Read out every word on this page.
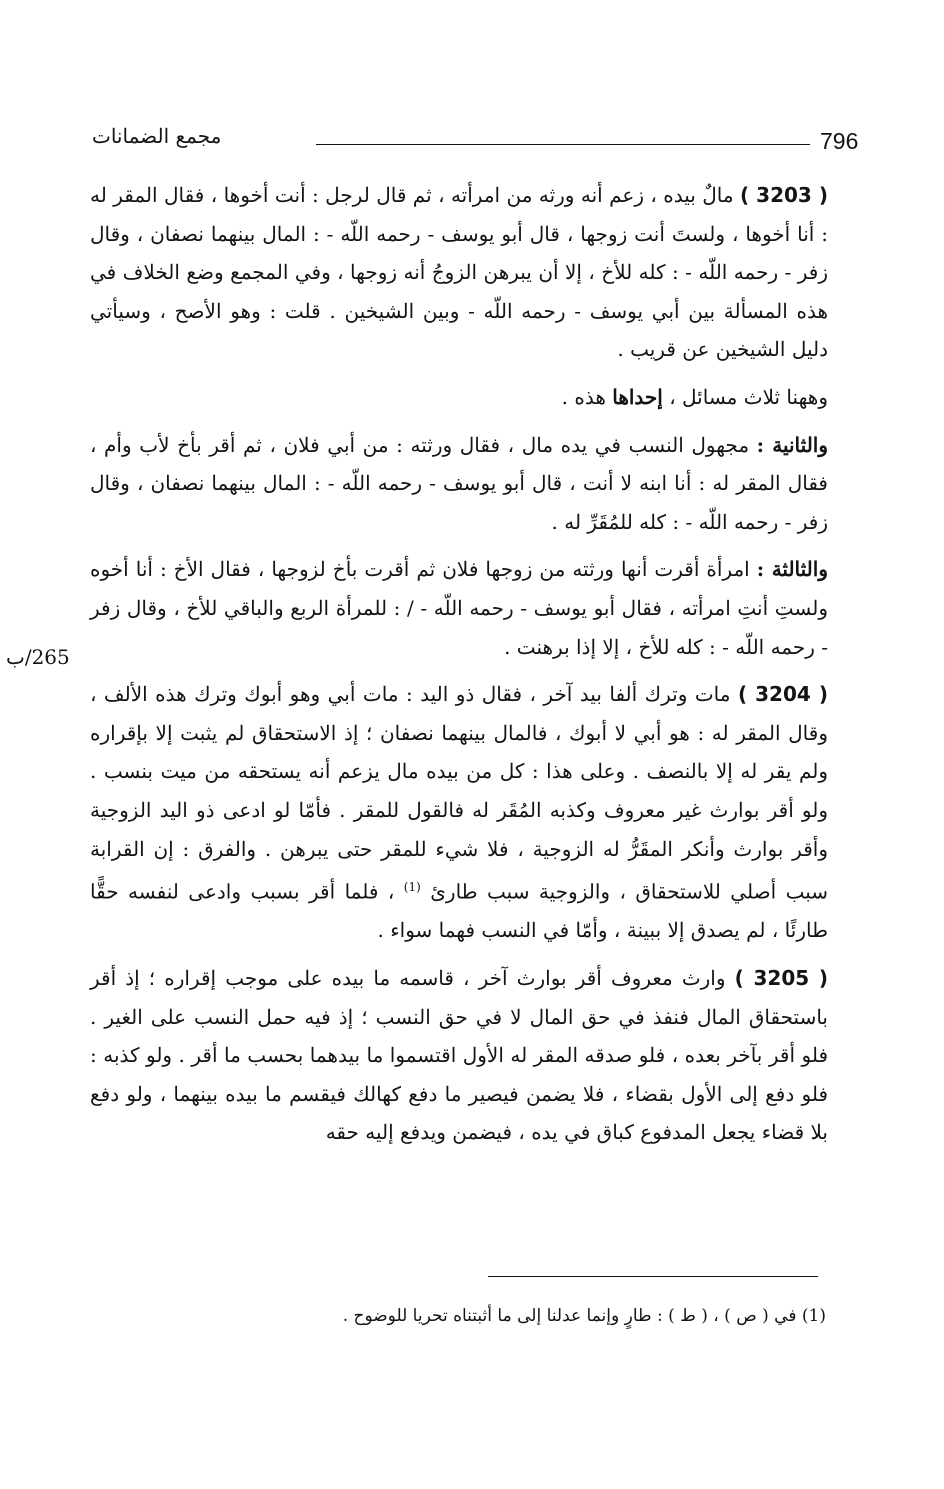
796
مجمع الضمانات
265/ب
( 3203 ) مالٌ بيده ، زعم أنه ورثه من امرأته ، ثم قال لرجل : أنت أخوها ، فقال المقر له : أنا أخوها ، ولستَ أنت زوجها ، قال أبو يوسف - رحمه اللّه - : المال بينهما نصفان ، وقال زفر - رحمه اللّه - : كله للأخ ، إلا أن يبرهن الزوجُ أنه زوجها ، وفي المجمع وضع الخلاف في هذه المسألة بين أبي يوسف - رحمه اللّه - وبين الشيخين . قلت : وهو الأصح ، وسيأتي دليل الشيخين عن قريب .
وههنا ثلاث مسائل ، إحداها هذه .
والثانية : مجهول النسب في يده مال ، فقال ورثته : من أبي فلان ، ثم أقر بأخ لأب وأم ، فقال المقر له : أنا ابنه لا أنت ، قال أبو يوسف - رحمه اللّه - : المال بينهما نصفان ، وقال زفر - رحمه اللّه - : كله للمُقَرِّ له .
والثالثة : امرأة أقرت أنها ورثته من زوجها فلان ثم أقرت بأخ لزوجها ، فقال الأخ : أنا أخوه ولستِ أنتِ امرأته ، فقال أبو يوسف - رحمه اللّه - / : للمرأة الربع والباقي للأخ ، وقال زفر - رحمه اللّه - : كله للأخ ، إلا إذا برهنت .
( 3204 ) مات وترك ألفا بيد آخر ، فقال ذو اليد : مات أبي وهو أبوك وترك هذه الألف ، وقال المقر له : هو أبي لا أبوك ، فالمال بينهما نصفان ؛ إذ الاستحقاق لم يثبت إلا بإقراره ولم يقر له إلا بالنصف . وعلى هذا : كل من بيده مال يزعم أنه يستحقه من ميت بنسب . ولو أقر بوارث غير معروف وكذبه المُقَر له فالقول للمقر . فأمّا لو ادعى ذو اليد الزوجية وأقر بوارث وأنكر المقَرُّ له الزوجية ، فلا شيء للمقر حتى يبرهن . والفرق : إن القرابة سبب أصلي للاستحقاق ، والزوجية سبب طارئ $^{(1)}$ ، فلما أقر بسبب وادعى لنفسه حقًّا طارئًا ، لم يصدق إلا ببينة ، وأمّا في النسب فهما سواء .
( 3205 ) وارث معروف أقر بوارث آخر ، قاسمه ما بيده على موجب إقراره ؛ إذ أقر باستحقاق المال فنفذ في حق المال لا في حق النسب ؛ إذ فيه حمل النسب على الغير . فلو أقر بآخر بعده ، فلو صدقه المقر له الأول اقتسموا ما بيدهما بحسب ما أقر . ولو كذبه : فلو دفع إلى الأول بقضاء ، فلا يضمن فيصير ما دفع كهالك فيقسم ما بيده بينهما ، ولو دفع بلا قضاء يجعل المدفوع كباق في يده ، فيضمن ويدفع إليه حقه
(1) في ( ص ) ، ( ط ) : طارٍ وإنما عدلنا إلى ما أثبتناه تحريا للوضوح .
